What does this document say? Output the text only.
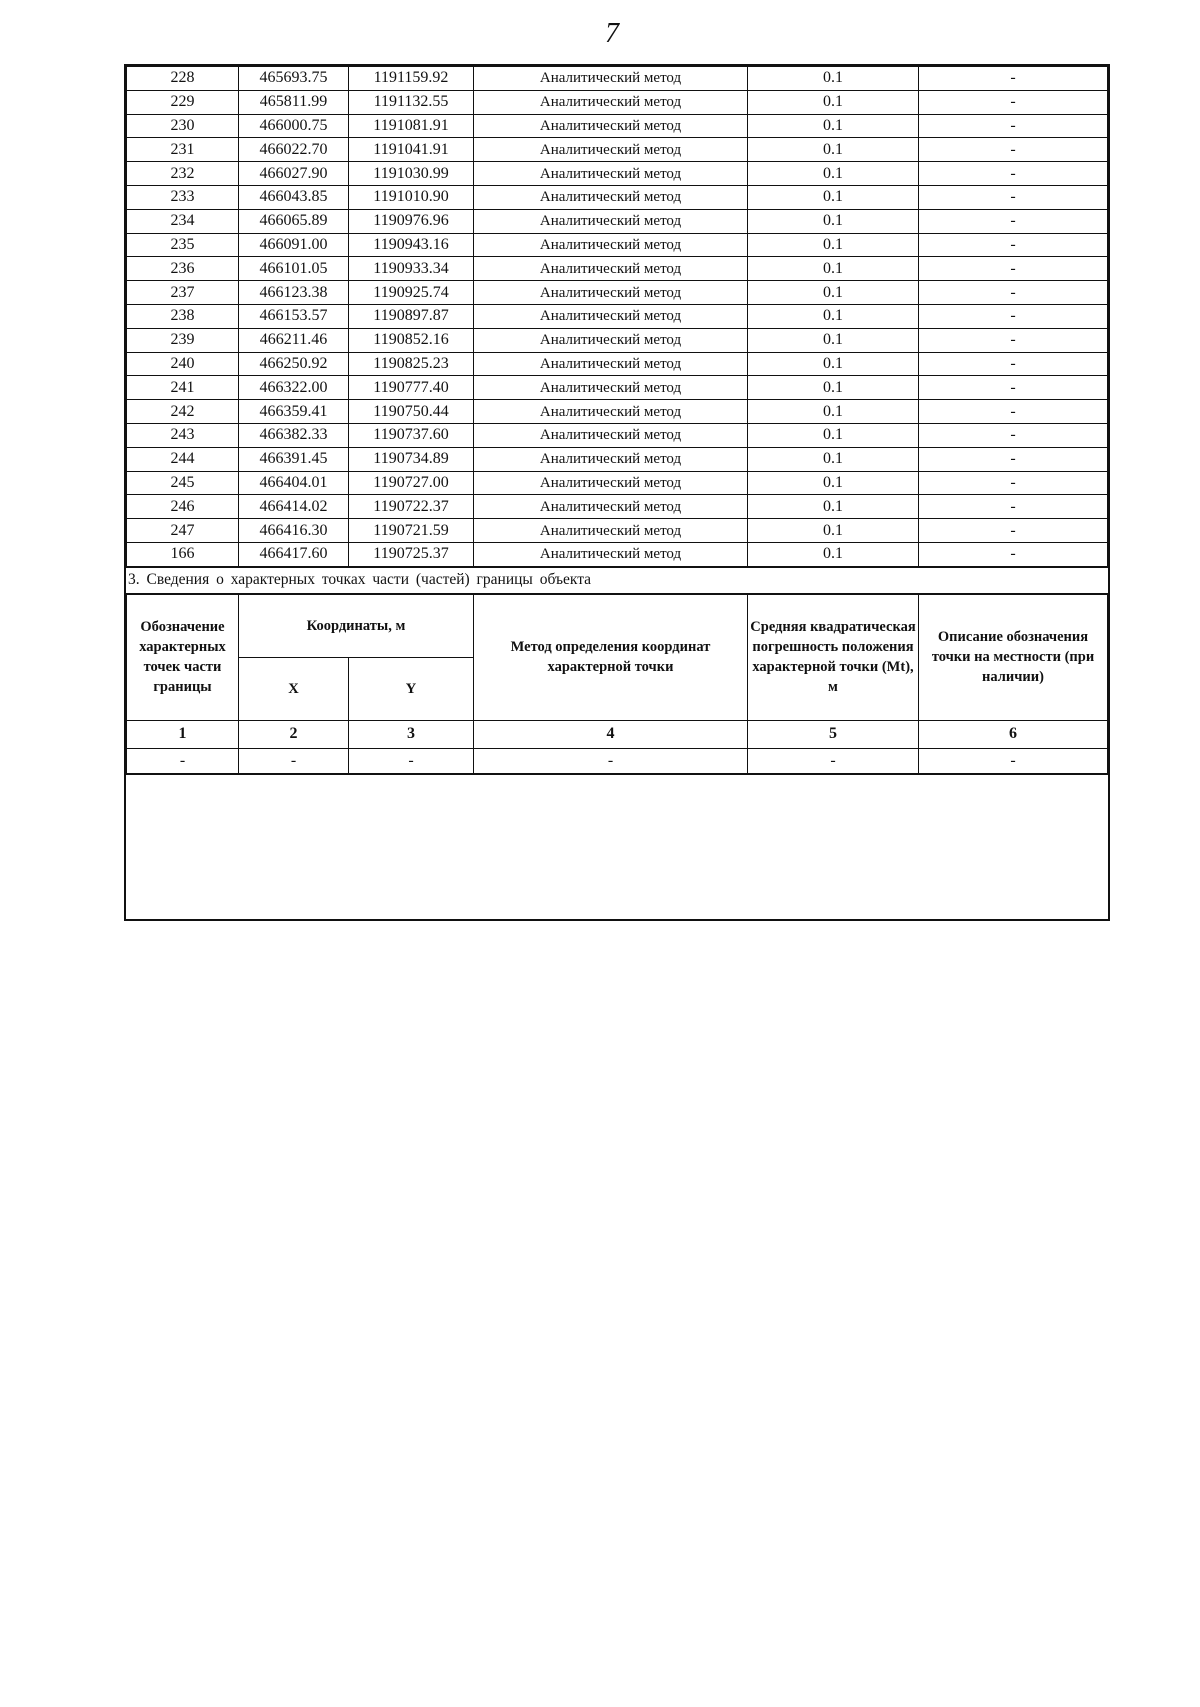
7
228	465693.75	1191159.92	Аналитический метод	0.1	-
229	465811.99	1191132.55	Аналитический метод	0.1	-
230	466000.75	1191081.91	Аналитический метод	0.1	-
231	466022.70	1191041.91	Аналитический метод	0.1	-
232	466027.90	1191030.99	Аналитический метод	0.1	-
233	466043.85	1191010.90	Аналитический метод	0.1	-
234	466065.89	1190976.96	Аналитический метод	0.1	-
235	466091.00	1190943.16	Аналитический метод	0.1	-
236	466101.05	1190933.34	Аналитический метод	0.1	-
237	466123.38	1190925.74	Аналитический метод	0.1	-
238	466153.57	1190897.87	Аналитический метод	0.1	-
239	466211.46	1190852.16	Аналитический метод	0.1	-
240	466250.92	1190825.23	Аналитический метод	0.1	-
241	466322.00	1190777.40	Аналитический метод	0.1	-
242	466359.41	1190750.44	Аналитический метод	0.1	-
243	466382.33	1190737.60	Аналитический метод	0.1	-
244	466391.45	1190734.89	Аналитический метод	0.1	-
245	466404.01	1190727.00	Аналитический метод	0.1	-
246	466414.02	1190722.37	Аналитический метод	0.1	-
247	466416.30	1190721.59	Аналитический метод	0.1	-
166	466417.60	1190725.37	Аналитический метод	0.1	-
3. Сведения о характерных точках части (частей) границы объекта
Обозначение характерных точек части границы	Координаты, м		Метод определения координат характерной точки	Средняя квадратическая погрешность положения характерной точки (Мt), м	Описание обозначения точки на местности (при наличии)
	X	Y			
1	2	3	4	5	6
-	-	-	-	-	-
